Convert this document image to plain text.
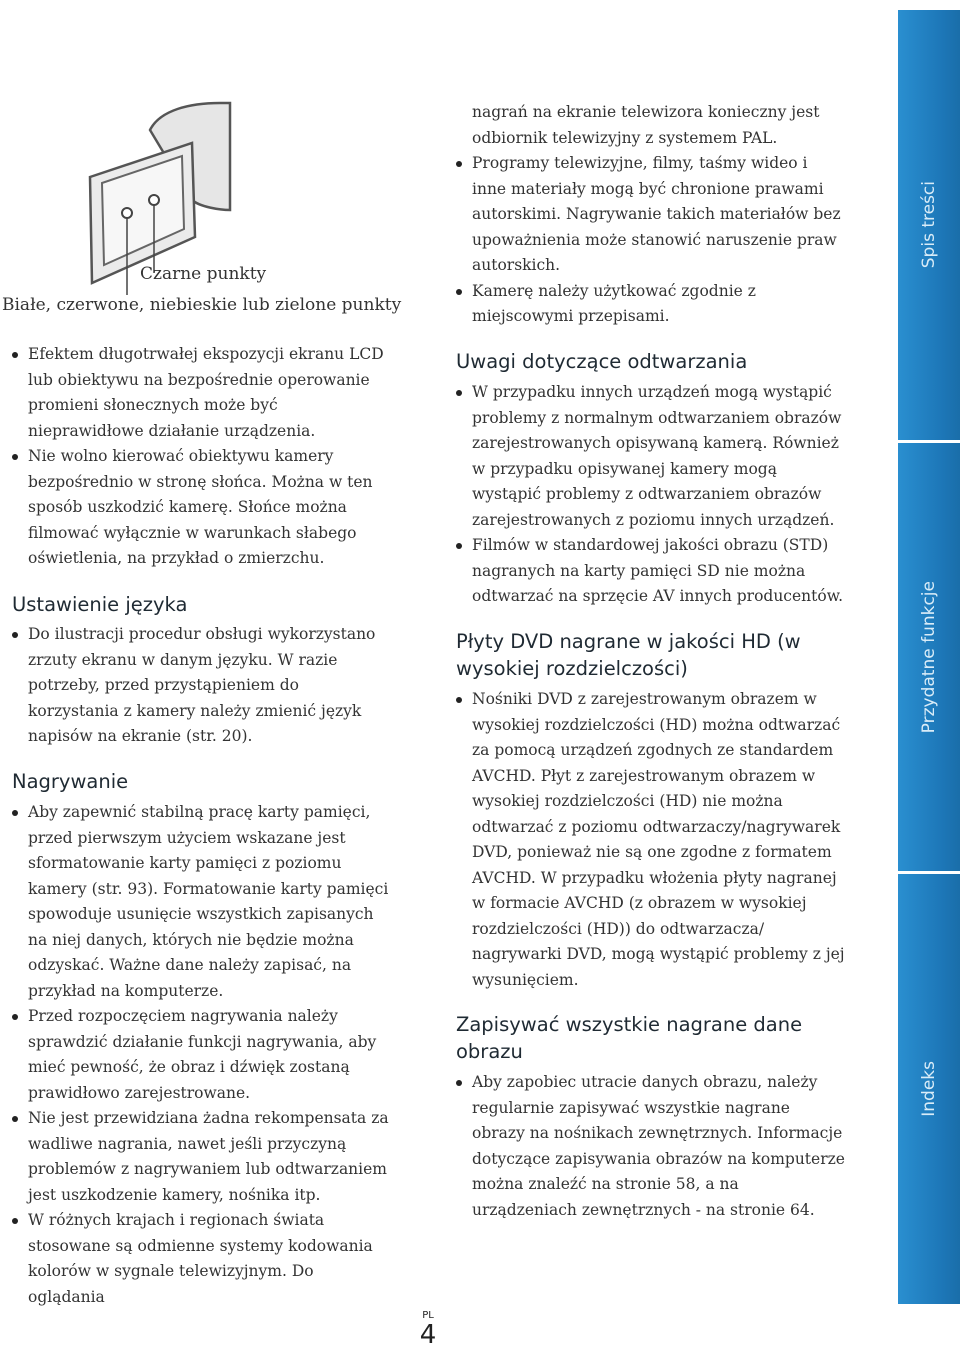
Czarne punkty
Białe, czerwone, niebieskie lub zielone punkty
Efektem długotrwałej ekspozycji ekranu LCD lub obiektywu na bezpośrednie operowanie promieni słonecznych może być nieprawidłowe działanie urządzenia.
Nie wolno kierować obiektywu kamery bezpośrednio w stronę słońca. Można w ten sposób uszkodzić kamerę. Słońce można filmować wyłącznie w warunkach słabego oświetlenia, na przykład o zmierzchu.
Ustawienie języka
Do ilustracji procedur obsługi wykorzystano zrzuty ekranu w danym języku. W razie potrzeby, przed przystąpieniem do korzystania z kamery należy zmienić język napisów na ekranie (str. 20).
Nagrywanie
Aby zapewnić stabilną pracę karty pamięci, przed pierwszym użyciem wskazane jest sformatowanie karty pamięci z poziomu kamery (str. 93). Formatowanie karty pamięci spowoduje usunięcie wszystkich zapisanych na niej danych, których nie będzie można odzyskać. Ważne dane należy zapisać, na przykład na komputerze.
Przed rozpoczęciem nagrywania należy sprawdzić działanie funkcji nagrywania, aby mieć pewność, że obraz i dźwięk zostaną prawidłowo zarejestrowane.
Nie jest przewidziana żadna rekompensata za wadliwe nagrania, nawet jeśli przyczyną problemów z nagrywaniem lub odtwarzaniem jest uszkodzenie kamery, nośnika itp.
W różnych krajach i regionach świata stosowane są odmienne systemy kodowania kolorów w sygnale telewizyjnym. Do oglądania
nagrań na ekranie telewizora konieczny jest odbiornik telewizyjny z systemem PAL.
Programy telewizyjne, filmy, taśmy wideo i inne materiały mogą być chronione prawami autorskimi. Nagrywanie takich materiałów bez upoważnienia może stanowić naruszenie praw autorskich.
Kamerę należy użytkować zgodnie z miejscowymi przepisami.
Uwagi dotyczące odtwarzania
W przypadku innych urządzeń mogą wystąpić problemy z normalnym odtwarzaniem obrazów zarejestrowanych opisywaną kamerą. Również w przypadku opisywanej kamery mogą wystąpić problemy z odtwarzaniem obrazów zarejestrowanych z poziomu innych urządzeń.
Filmów w standardowej jakości obrazu (STD) nagranych na karty pamięci SD nie można odtwarzać na sprzęcie AV innych producentów.
Płyty DVD nagrane w jakości HD (w wysokiej rozdzielczości)
Nośniki DVD z zarejestrowanym obrazem w wysokiej rozdzielczości (HD) można odtwarzać za pomocą urządzeń zgodnych ze standardem AVCHD. Płyt z zarejestrowanym obrazem w wysokiej rozdzielczości (HD) nie można odtwarzać z poziomu odtwarzaczy/nagrywarek DVD, ponieważ nie są one zgodne z formatem AVCHD. W przypadku włożenia płyty nagranej w formacie AVCHD (z obrazem w wysokiej rozdzielczości (HD)) do odtwarzacza/ nagrywarki DVD, mogą wystąpić problemy z jej wysunięciem.
Zapisywać wszystkie nagrane dane obrazu
Aby zapobiec utracie danych obrazu, należy regularnie zapisywać wszystkie nagrane obrazy na nośnikach zewnętrznych. Informacje dotyczące zapisywania obrazów na komputerze można znaleźć na stronie 58, a na urządzeniach zewnętrznych - na stronie 64.
Spis treści
Przydatne funkcje
Indeks
PL
4
